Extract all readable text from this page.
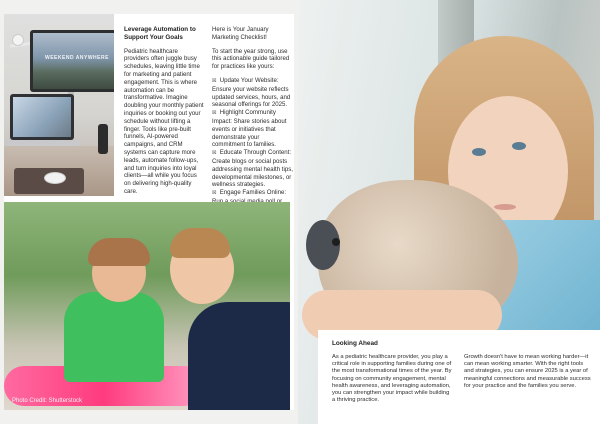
WEEKEND ANYWHERE
Leverage Automation to Support Your Goals

Pediatric healthcare providers often juggle busy schedules, leaving little time for marketing and patient engagement. This is where automation can be transformative. Imagine doubling your monthly patient inquiries or booking out your schedule without lifting a finger. Tools like pre-built funnels, AI-powered campaigns, and CRM systems can capture more leads, automate follow-ups, and turn inquiries into loyal clients—all while you focus on delivering high-quality care.

Here is Your January Marketing Checklist!

To start the year strong, use this actionable guide tailored for practices like yours:

☒ Update Your Website: Ensure your website reflects updated services, hours, and seasonal offerings for 2025.
☒ Highlight Community Impact: Share stories about events or initiatives that demonstrate your commitment to families.
☒ Educate Through Content: Create blogs or social posts addressing mental health tips, developmental milestones, or wellness strategies.
☒ Engage Families Online:
Photo Credit: Shutterstock
Looking Ahead
As a pediatric healthcare provider, you play a critical role in supporting families during one of the most transformational times of the year. By focusing on community engagement, mental health awareness, and leveraging automation, you can strengthen your impact while building a thriving practice.
Growth doesn't have to mean working harder—it can mean working smarter. With the right tools and strategies, you can ensure 2025 is a year of meaningful connections and measurable success for your practice and the families you serve.
